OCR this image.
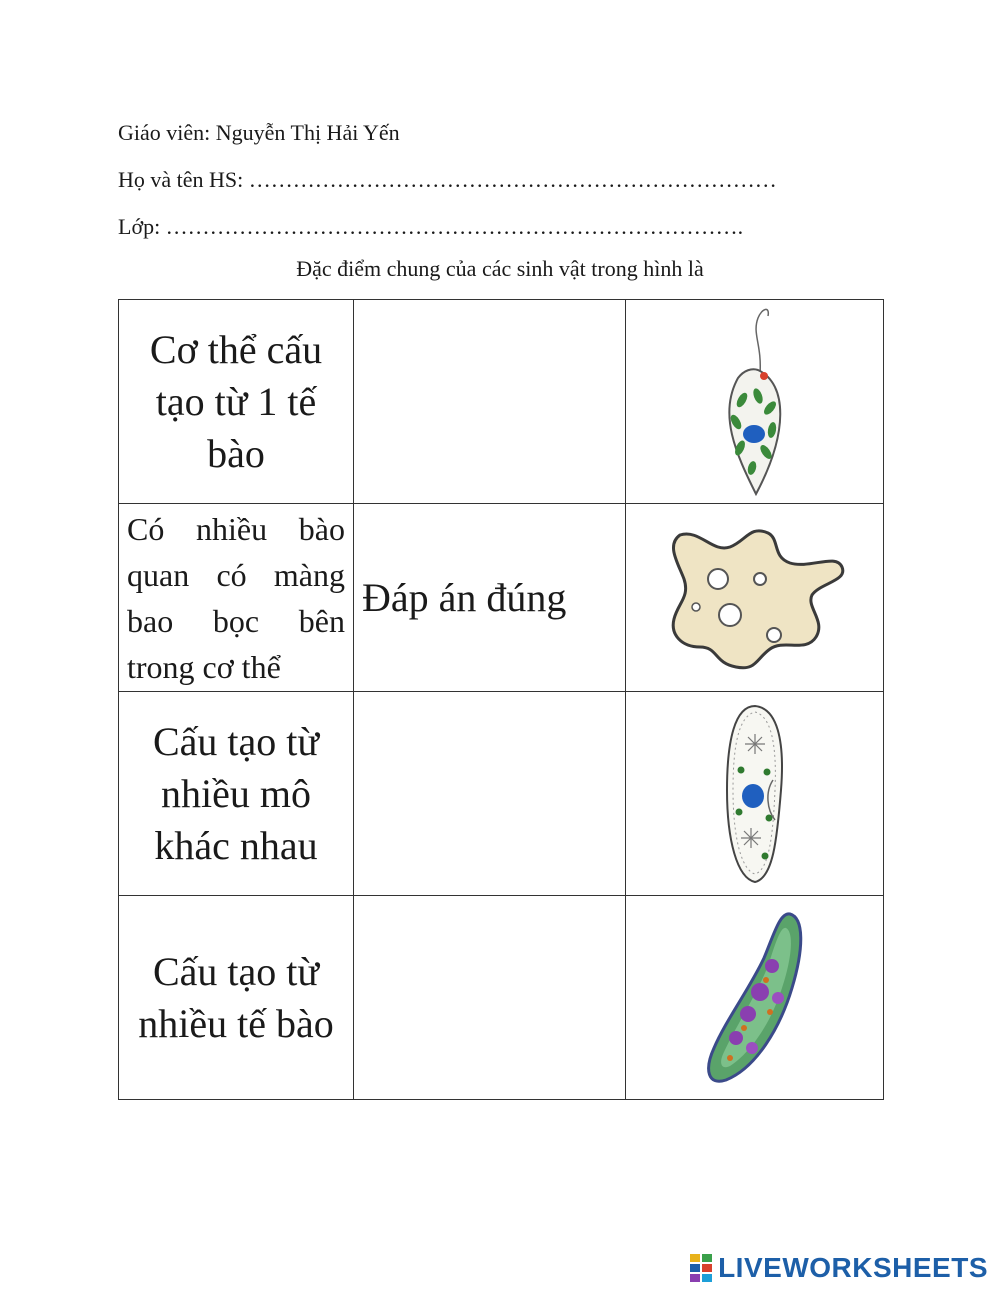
Giáo viên: Nguyễn Thị Hải Yến
Họ và tên HS: ………………………………………………………………
Lớp: …………………………………………………………………….
Đặc điểm chung của các sinh vật trong hình là
Cơ thể cấu tạo từ 1 tế bào

Có nhiều bào quan có màng bao bọc bên trong cơ thể	Đáp án đúng

Cấu tạo từ nhiều mô khác nhau

Cấu tạo từ nhiều tế bào

LIVEWORKSHEETS
